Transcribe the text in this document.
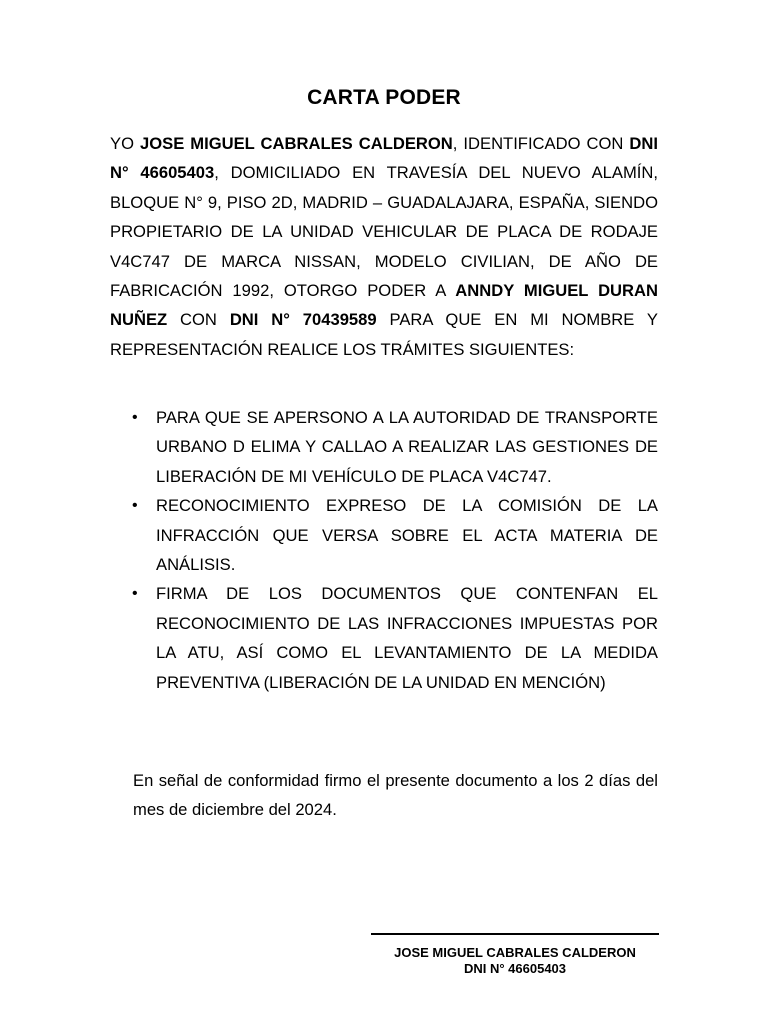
CARTA PODER

YO JOSE MIGUEL CABRALES CALDERON, IDENTIFICADO CON DNI N° 46605403, DOMICILIADO EN TRAVESÍA DEL NUEVO ALAMÍN, BLOQUE N° 9, PISO 2D, MADRID – GUADALAJARA, ESPAÑA, SIENDO PROPIETARIO DE LA UNIDAD VEHICULAR DE PLACA DE RODAJE V4C747 DE MARCA NISSAN, MODELO CIVILIAN, DE AÑO DE FABRICACIÓN 1992, OTORGO PODER A ANNDY MIGUEL DURAN NUÑEZ CON DNI N° 70439589 PARA QUE EN MI NOMBRE Y REPRESENTACIÓN REALICE LOS TRÁMITES SIGUIENTES:

• PARA QUE SE APERSONO A LA AUTORIDAD DE TRANSPORTE URBANO D ELIMA Y CALLAO A REALIZAR LAS GESTIONES DE LIBERACIÓN DE MI VEHÍCULO DE PLACA V4C747.
• RECONOCIMIENTO EXPRESO DE LA COMISIÓN DE LA INFRACCIÓN QUE VERSA SOBRE EL ACTA MATERIA DE ANÁLISIS.
• FIRMA DE LOS DOCUMENTOS QUE CONTENFAN EL RECONOCIMIENTO DE LAS INFRACCIONES IMPUESTAS POR LA ATU, ASÍ COMO EL LEVANTAMIENTO DE LA MEDIDA PREVENTIVA (LIBERACIÓN DE LA UNIDAD EN MENCIÓN)

En señal de conformidad firmo el presente documento a los 2 días del mes de diciembre del 2024.

JOSE MIGUEL CABRALES CALDERON
DNI N° 46605403
